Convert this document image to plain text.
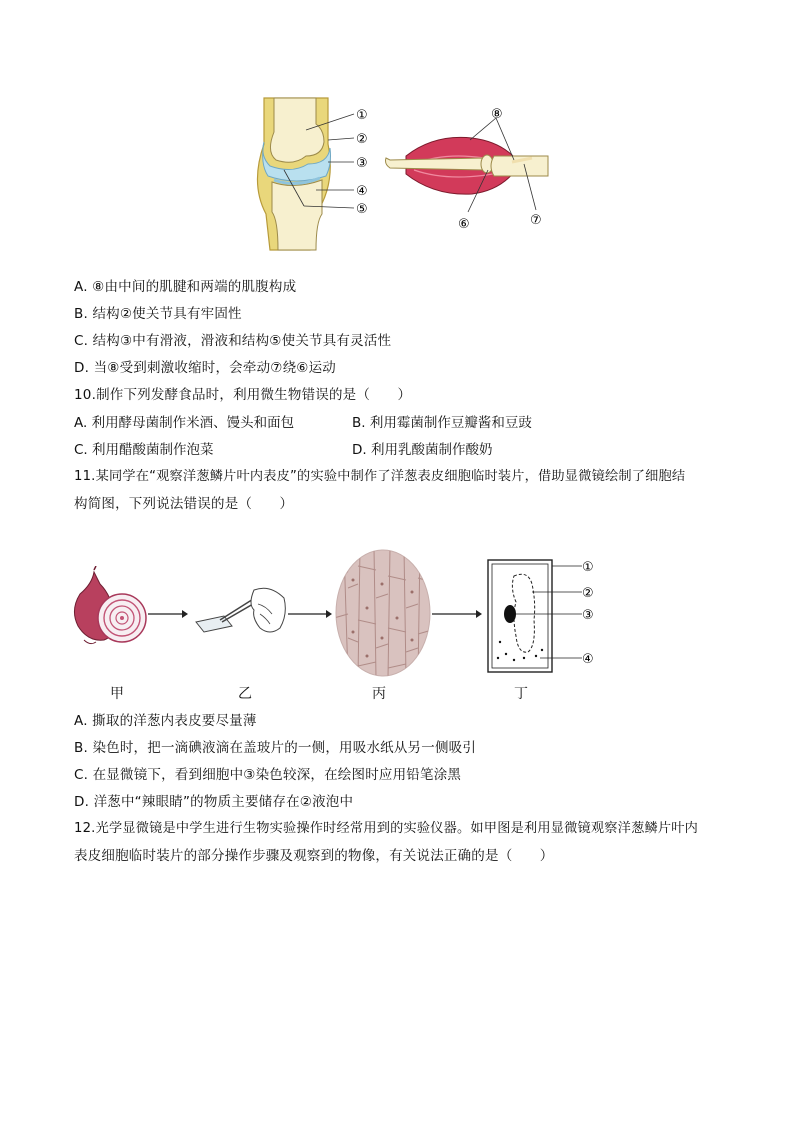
①
②
③
④
⑤
⑧
⑥	⑦
A. ⑧由中间的肌腱和两端的肌腹构成
B. 结构②使关节具有牢固性
C. 结构③中有滑液，滑液和结构⑤使关节具有灵活性
D. 当⑧受到刺激收缩时，会牵动⑦绕⑥运动
10.制作下列发酵食品时，利用微生物错误的是（　　）
A. 利用酵母菌制作米酒、馒头和面包	B. 利用霉菌制作豆瓣酱和豆豉
C. 利用醋酸菌制作泡菜	D. 利用乳酸菌制作酸奶
11.某同学在“观察洋葱鳞片叶内表皮”的实验中制作了洋葱表皮细胞临时装片，借助显微镜绘制了细胞结
构简图，下列说法错误的是（　　）
①
②
③
④
甲	乙	丙	丁
A. 撕取的洋葱内表皮要尽量薄
B. 染色时，把一滴碘液滴在盖玻片的一侧，用吸水纸从另一侧吸引
C. 在显微镜下，看到细胞中③染色较深，在绘图时应用铅笔涂黑
D. 洋葱中“辣眼睛”的物质主要储存在②液泡中
12.光学显微镜是中学生进行生物实验操作时经常用到的实验仪器。如甲图是利用显微镜观察洋葱鳞片叶内
表皮细胞临时装片的部分操作步骤及观察到的物像，有关说法正确的是（　　）
